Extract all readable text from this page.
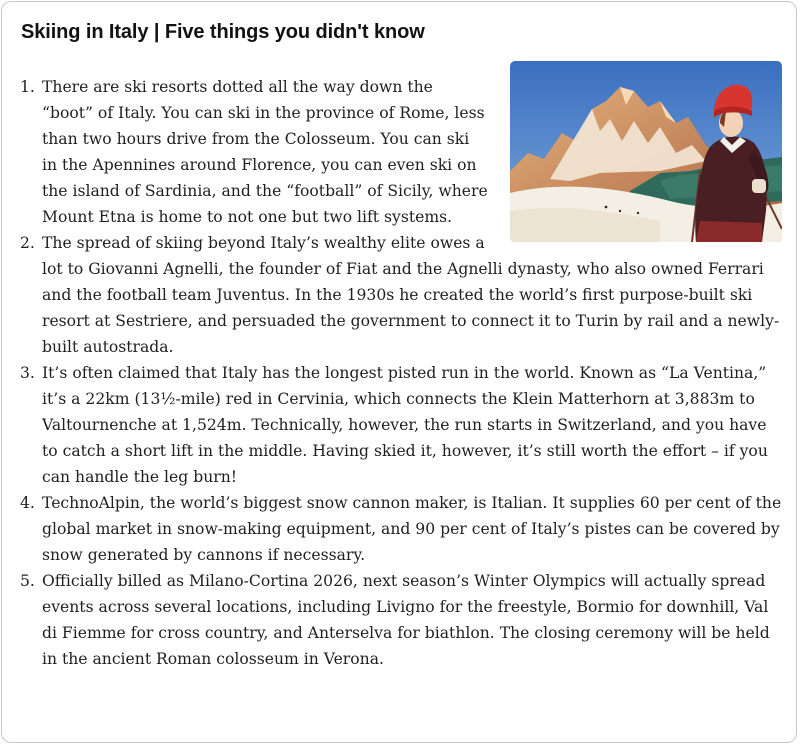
Skiing in Italy | Five things you didn't know
1. There are ski resorts dotted all the way down the “boot” of Italy. You can ski in the province of Rome, less than two hours drive from the Colosseum. You can ski in the Apennines around Florence, you can even ski on the island of Sardinia, and the “football” of Sicily, where Mount Etna is home to not one but two lift systems.
2. The spread of skiing beyond Italy’s wealthy elite owes a lot to Giovanni Agnelli, the founder of Fiat and the Agnelli dynasty, who also owned Ferrari and the football team Juventus. In the 1930s he created the world’s first purpose-built ski resort at Sestriere, and persuaded the government to connect it to Turin by rail and a newly-built autostrada.
3. It’s often claimed that Italy has the longest pisted run in the world. Known as “La Ventina,” it’s a 22km (13½-mile) red in Cervinia, which connects the Klein Matterhorn at 3,883m to Valtournenche at 1,524m. Technically, however, the run starts in Switzerland, and you have to catch a short lift in the middle. Having skied it, however, it’s still worth the effort – if you can handle the leg burn!
4. TechnoAlpin, the world’s biggest snow cannon maker, is Italian. It supplies 60 per cent of the global market in snow-making equipment, and 90 per cent of Italy’s pistes can be covered by snow generated by cannons if necessary.
5. Officially billed as Milano-Cortina 2026, next season’s Winter Olympics will actually spread events across several locations, including Livigno for the freestyle, Bormio for downhill, Val di Fiemme for cross country, and Anterselva for biathlon. The closing ceremony will be held in the ancient Roman colosseum in Verona.
